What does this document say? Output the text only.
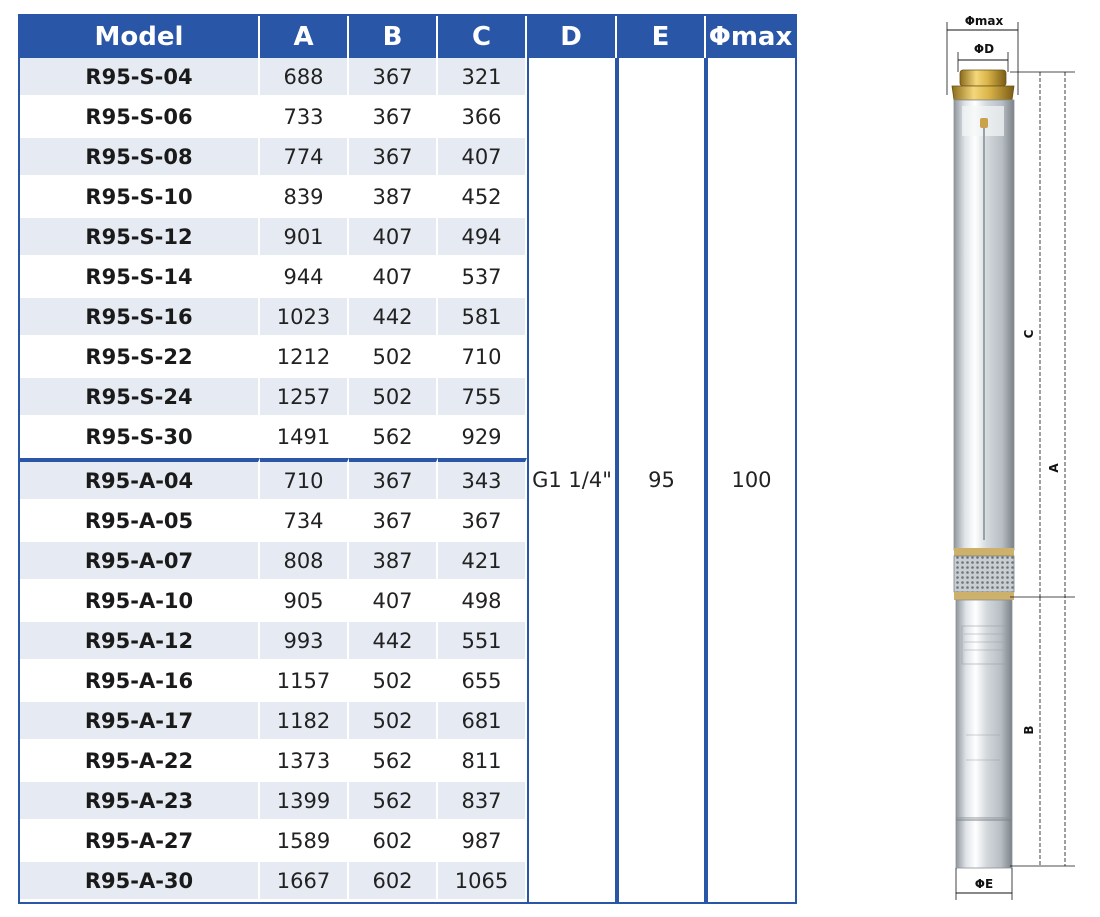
Model	A	B	C	D	E	Φmax
R95-S-04	688	367	321	G1 1/4"	95	100
R95-S-06	733	367	366			
R95-S-08	774	367	407			
R95-S-10	839	387	452			
R95-S-12	901	407	494			
R95-S-14	944	407	537			
R95-S-16	1023	442	581			
R95-S-22	1212	502	710			
R95-S-24	1257	502	755			
R95-S-30	1491	562	929			
R95-A-04	710	367	343			
R95-A-05	734	367	367			
R95-A-07	808	387	421			
R95-A-10	905	407	498			
R95-A-12	993	442	551			
R95-A-16	1157	502	655			
R95-A-17	1182	502	681			
R95-A-22	1373	562	811			
R95-A-23	1399	562	837			
R95-A-27	1589	602	987			
R95-A-30	1667	602	1065			
Φmax
ΦD
C
A
B
ΦE
